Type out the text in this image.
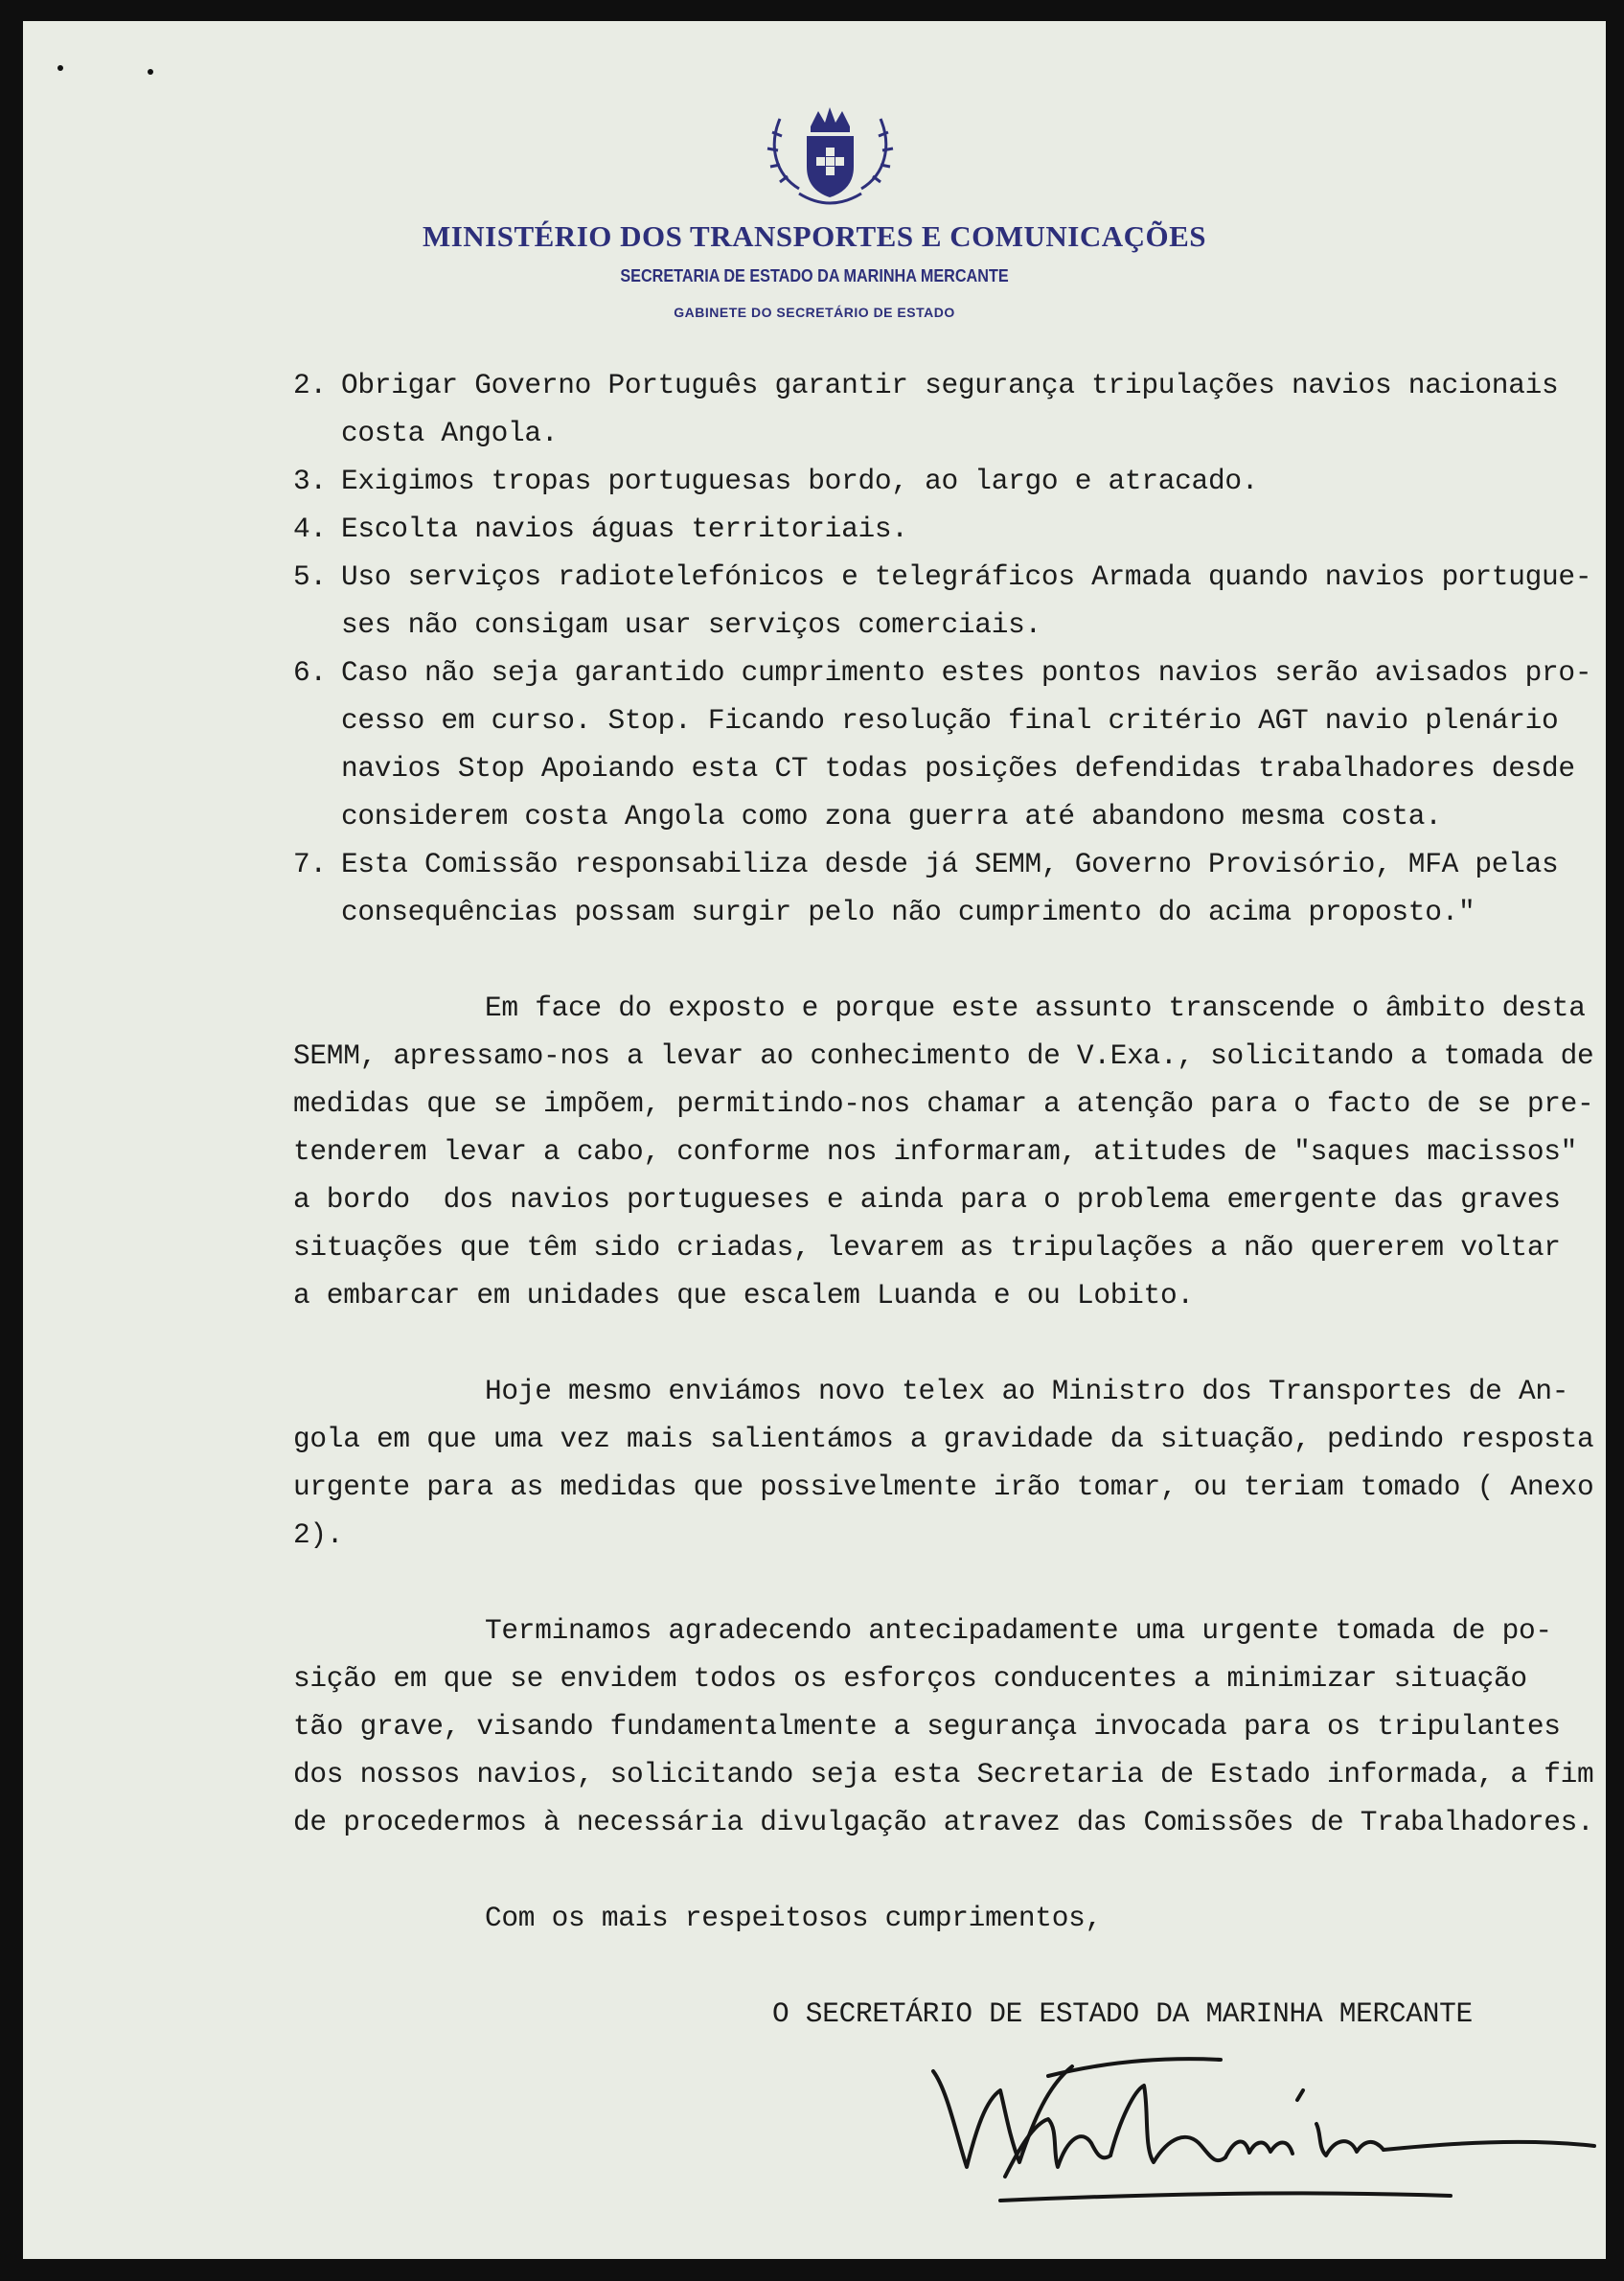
MINISTÉRIO DOS TRANSPORTES E COMUNICAÇÕES
SECRETARIA DE ESTADO DA MARINHA MERCANTE
GABINETE DO SECRETÁRIO DE ESTADO
2. Obrigar Governo Português garantir segurança tripulações navios nacionais
costa Angola.
3. Exigimos tropas portuguesas bordo, ao largo e atracado.
4. Escolta navios águas territoriais.
5. Uso serviços radiotelefónicos e telegráficos Armada quando navios portugue-
ses não consigam usar serviços comerciais.
6. Caso não seja garantido cumprimento estes pontos navios serão avisados pro-
cesso em curso. Stop. Ficando resolução final critério AGT navio plenário
navios Stop Apoiando esta CT todas posições defendidas trabalhadores desde
considerem costa Angola como zona guerra até abandono mesma costa.
7. Esta Comissão responsabiliza desde já SEMM, Governo Provisório, MFA pelas
consequências possam surgir pelo não cumprimento do acima proposto."
Em face do exposto e porque este assunto transcende o âmbito desta
SEMM, apressamo-nos a levar ao conhecimento de V.Exa., solicitando a tomada de
medidas que se impõem, permitindo-nos chamar a atenção para o facto de se pre-
tenderem levar a cabo, conforme nos informaram, atitudes de "saques macissos"
a bordo  dos navios portugueses e ainda para o problema emergente das graves
situações que têm sido criadas, levarem as tripulações a não quererem voltar
a embarcar em unidades que escalem Luanda e ou Lobito.
Hoje mesmo enviámos novo telex ao Ministro dos Transportes de An-
gola em que uma vez mais salientámos a gravidade da situação, pedindo resposta
urgente para as medidas que possivelmente irão tomar, ou teriam tomado ( Anexo
2).
Terminamos agradecendo antecipadamente uma urgente tomada de po-
sição em que se envidem todos os esforços conducentes a minimizar situação
tão grave, visando fundamentalmente a segurança invocada para os tripulantes
dos nossos navios, solicitando seja esta Secretaria de Estado informada, a fim
de procedermos à necessária divulgação atravez das Comissões de Trabalhadores.
Com os mais respeitosos cumprimentos,
O SECRETÁRIO DE ESTADO DA MARINHA MERCANTE
